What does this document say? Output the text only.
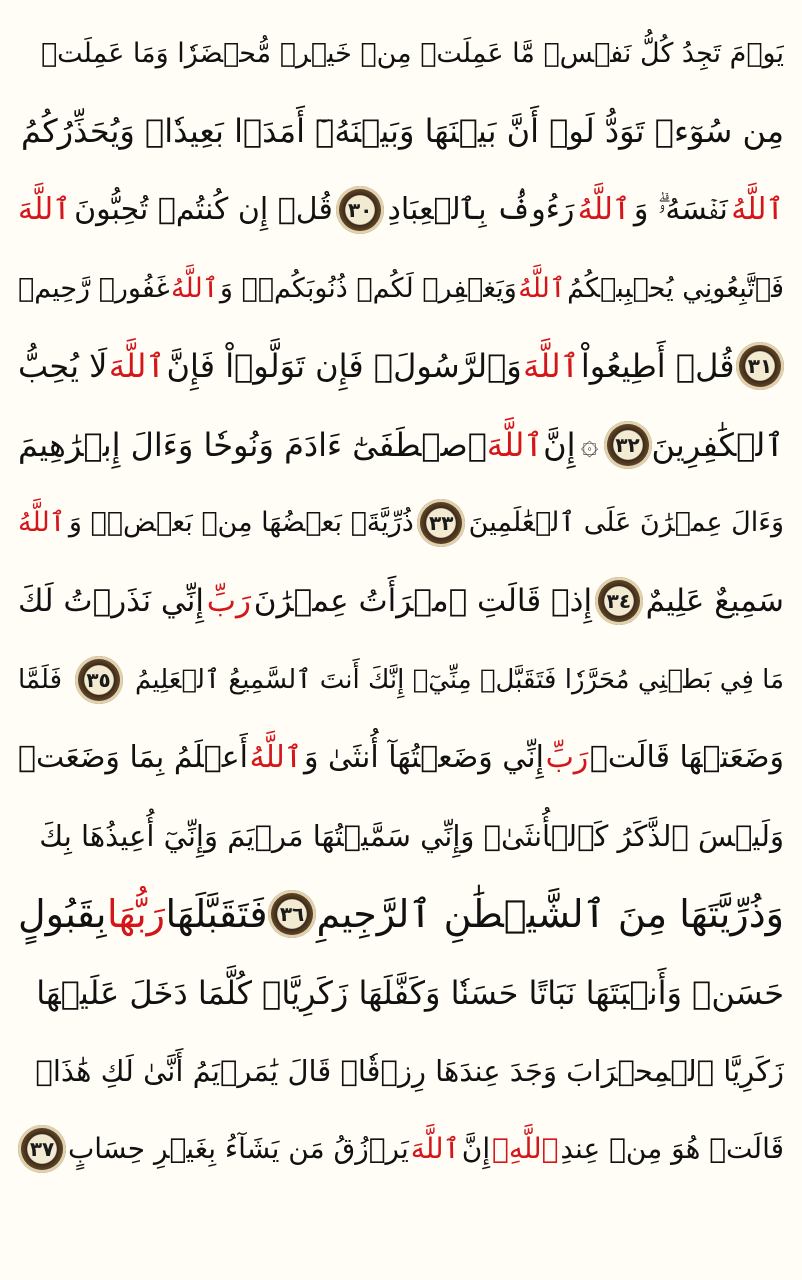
يَوۡمَ تَجِدُ كُلُّ نَفۡسٖ مَّا عَمِلَتۡ مِنۡ خَيۡرٖ مُّحۡضَرٗا وَمَا عَمِلَتۡ
مِن سُوٓءٖ تَوَدُّ لَوۡ أَنَّ بَيۡنَهَا وَبَيۡنَهُۥٓ أَمَدَۢا بَعِيدٗاۗ وَيُحَذِّرُكُمُ
ٱللَّهُ
نَفۡسَهُۥۗ وَ
ٱللَّهُ
رَءُوفُۢ بِٱلۡعِبَادِ
٣٠
قُلۡ إِن كُنتُمۡ تُحِبُّونَ
ٱللَّهَ
فَٱتَّبِعُونِي يُحۡبِبۡكُمُ
ٱللَّهُ
وَيَغۡفِرۡ لَكُمۡ ذُنُوبَكُمۡۚ وَ
ٱللَّهُ
غَفُورٞ رَّحِيمٞ
٣١
قُلۡ أَطِيعُواْ
ٱللَّهَ
وَٱلرَّسُولَۖ فَإِن تَوَلَّوۡاْ فَإِنَّ
ٱللَّهَ
لَا يُحِبُّ
ٱلۡكَٰفِرِينَ
٣٢
۞
إِنَّ
ٱللَّهَ
ٱصۡطَفَىٰٓ ءَادَمَ وَنُوحٗا وَءَالَ إِبۡرَٰهِيمَ
وَءَالَ عِمۡرَٰنَ عَلَى ٱلۡعَٰلَمِينَ
٣٣
ذُرِّيَّةَۢ بَعۡضُهَا مِنۢ بَعۡضٖۗ وَ
ٱللَّهُ
سَمِيعٌ عَلِيمٌ
٣٤
إِذۡ قَالَتِ ٱمۡرَأَتُ عِمۡرَٰنَ
رَبِّ
إِنِّي نَذَرۡتُ لَكَ
مَا فِي بَطۡنِي مُحَرَّرٗا فَتَقَبَّلۡ مِنِّيٓۖ إِنَّكَ أَنتَ ٱلسَّمِيعُ ٱلۡعَلِيمُ
٣٥
فَلَمَّا
وَضَعَتۡهَا قَالَتۡ
رَبِّ
إِنِّي وَضَعۡتُهَآ أُنثَىٰ وَ
ٱللَّهُ
أَعۡلَمُ بِمَا وَضَعَتۡ
وَلَيۡسَ ٱلذَّكَرُ كَٱلۡأُنثَىٰۖ وَإِنِّي سَمَّيۡتُهَا مَرۡيَمَ وَإِنِّيٓ أُعِيذُهَا بِكَ
وَذُرِّيَّتَهَا مِنَ ٱلشَّيۡطَٰنِ ٱلرَّجِيمِ
٣٦
فَتَقَبَّلَهَا
رَبُّهَا
بِقَبُولٍ
حَسَنٖ وَأَنۢبَتَهَا نَبَاتًا حَسَنٗا وَكَفَّلَهَا زَكَرِيَّاۖ كُلَّمَا دَخَلَ عَلَيۡهَا
زَكَرِيَّا ٱلۡمِحۡرَابَ وَجَدَ عِندَهَا رِزۡقٗاۖ قَالَ يَٰمَرۡيَمُ أَنَّىٰ لَكِ هَٰذَاۖ
قَالَتۡ هُوَ مِنۡ عِندِ
ٱللَّهِۖ
إِنَّ
ٱللَّهَ
يَرۡزُقُ مَن يَشَآءُ بِغَيۡرِ حِسَابٍ
٣٧
